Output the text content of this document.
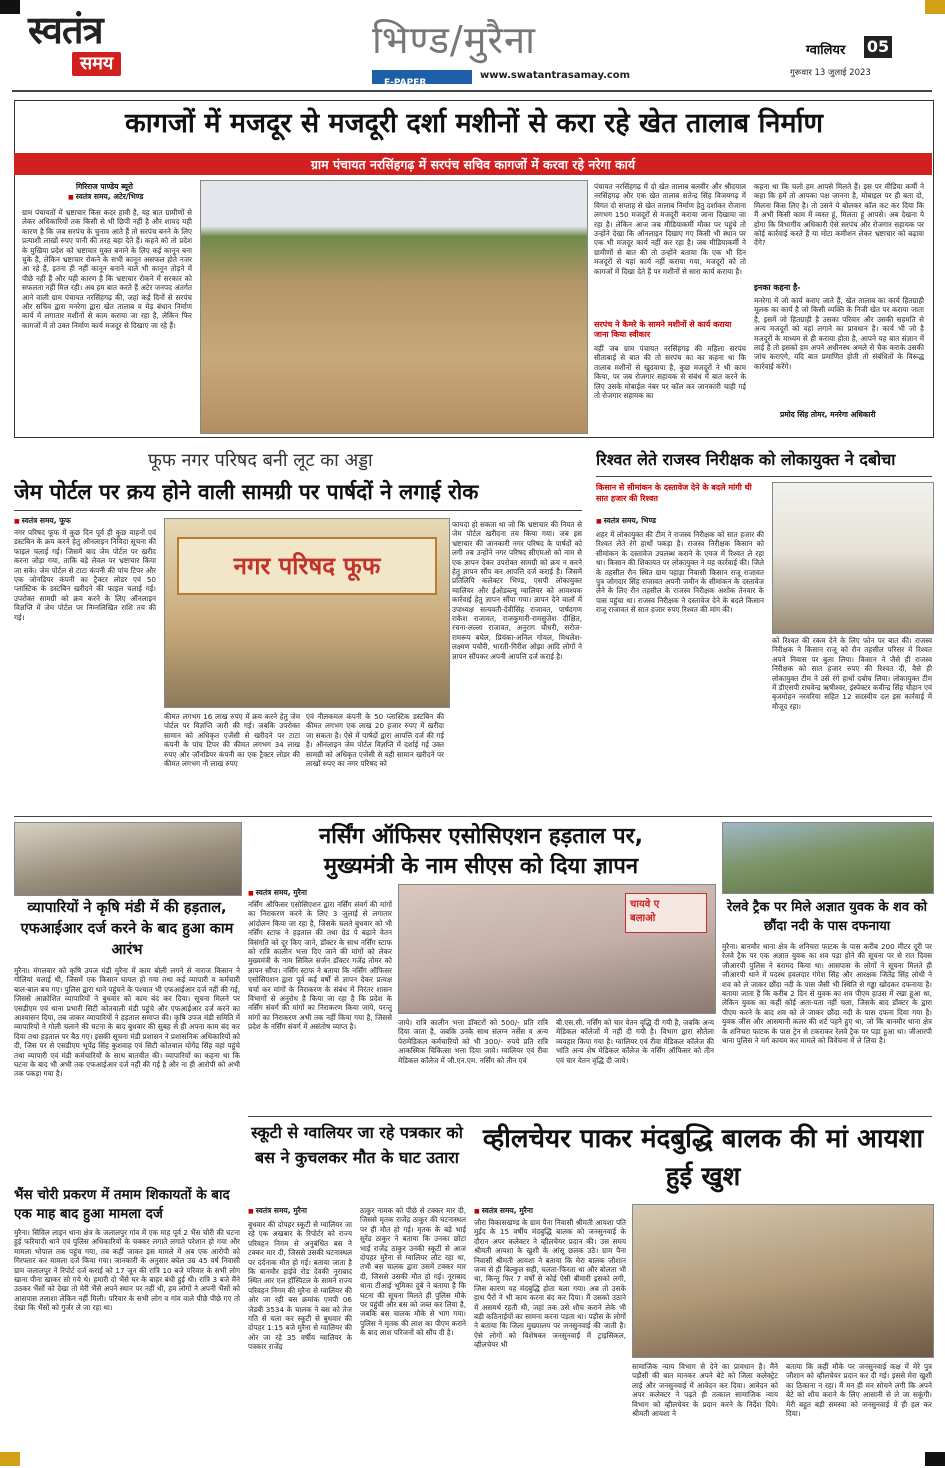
स्वतंत्र
समय
भिण्ड/मुरैना
E-PAPER
www.swatantrasamay.com
ग्वालियर 05
गुरूवार 13 जुलाई 2023
कागजों में मजदूर से मजदूरी दर्शा मशीनों से करा रहे खेत तालाब निर्माण
ग्राम पंचायत नरसिंहगढ़ में सरपंच सचिव कागजों में करवा रहे नरेगा कार्य
गिरिराज पाण्डेय ब्यूरो
■ स्वतंत्र समय, अटेर/भिण्ड
ग्राम पंचायतों में भ्रष्टाचार किस कदर हावी है, यह बात ग्रामीणों से लेकर अधिकारियों तक किसी से भी छिपी नहीं है और शायद यही कारण है कि जब सरपंच के चुनाव आते हैं तो सरपंच बनने के लिए प्रत्याशी लाखों रुपए पानी की तरह बहा देते हैं। कहने को तो प्रदेश के मुखिया प्रदेश को भ्रष्टाचार मुक्त बनाने के लिए कई कानून बना चुके हैं, लेकिन भ्रष्टाचार रोकने के सभी कानून असफल होते नजर आ रहे हैं, इतना ही नहीं कानून बनाने वाले भी कानून तोड़ने में पीछे नहीं हैं और यही कारण है कि भ्रष्टाचार रोकने में सरकार को सफलता नहीं मिल रही। अब हम बात करते हैं अटेर जनपद अंतर्गत आने वाली ग्राम पंचायत नरसिंहगढ़ की, जहां कई दिनों से सरपंच और सचिव द्वारा मनरेगा द्वारा खेत तालाब व मेड़ बंधान निर्माण कार्य में लगातार मशीनों से काम कराया जा रहा है, लेकिन फिर कागजों में तो उक्त निर्माण कार्य मजदूर से दिखाए जा रहे हैं।
पंचायत नरसिंहगढ़ में दो खेत तालाब बलवीर और श्रीदयाल नरसिंहगढ़ और एक खेत तालाब सतेन्द्र सिंह विजयगढ़ में विगत दो सप्ताह से खेत तालाब निर्माण हेतु दर्शाकर रोजाना लगभग 150 मजदूरों से मजदूरी कराया जाना दिखाया जा रहा है। लेकिन आज जब मीडियाकर्मी मौका पर पहुंचे तो उन्होंने देखा कि ऑनलाइन दिखाए गए किसी भी स्थान पर एक भी मजदूर कार्य नहीं कर रहा है। जब मीडियाकर्मी ने ग्रामीणों से बात की तो उन्होंने बताया कि एक भी दिन मजदूरों से यहां कार्य नहीं कराया गया, मजदूरों को तो कागजों में दिखा देते हैं पर मशीनों से सारा कार्य कराया है।
सरपंच ने कैमरे के सामने मशीनों से कार्य कराया जाना किया स्वीकार
वहीं जब ग्राम पंचायत नरसिंहगढ़ की महिला सरपंच सीताबाई से बात की तो सरपंच का का कहना था कि तालाब मशीनों से खुदवाया है, कुछ मजदूरों ने भी काम किया, पर जब रोजगार सहायक से संबंध में बात करने के लिए उसके मोबाईल नंबर पर कॉल कर जानकारी चाही गई तो रोजगार सहायक का
कहना था कि चलो हम आपसे मिलते हैं। इस पर मीडिया कर्मी ने कहा कि हमें तो आपका पक्ष जानना है, मोबाइल पर ही बता दो, मिलना किस लिए है। तो उसने ये बोलकर कॉल कट कर दिया कि मैं अभी किसी काम में व्यस्त हूं, मिलता हूं आपसे। अब देखना ये होगा कि विभागीय अधिकारी ऐसे सरपंच और रोजगार सहायक पर कोई कार्रवाई करते हैं या मोटा कमीशन लेकर भ्रष्टाचार को बढ़ावा देंगे?
इनका कहना है-
मनरेगा में जो कार्य कराए जाते हैं, खेत तालाब का कार्य हितग्राही मूलक का कार्य है जो किसी व्यक्ति के निजी खेत पर कराया जाता है, इसमें जो हितग्राही है उसका परिवार और उसकी सहमति से अन्य मजदूरों को वहां लगाने का प्रावधान है। कार्य भी जो है मजदूरों के माध्यम से ही कराया होता है, आपने यह बात संज्ञान में लाई है तो इसको हम अपने अधीनस्थ अमले से चैक कराके उसकी जांच कराएंगे, यदि बात प्रमाणित होती तो संबंधितों के विरूद्ध कार्रवाई करेंगे।
प्रमोद सिंह तोमर, मनरेगा अधिकारी
फूफ नगर परिषद बनी लूट का अड्डा
जेम पोर्टल पर क्रय होने वाली सामग्री पर पार्षदों ने लगाई रोक
■ स्वतंत्र समय, फूफ
नगर परिषद फूफ में कुछ दिन पूर्व ही कुछ वाहनों एवं डस्टबिन के क्रय करने हेतु ऑनलाइन निविदा सूचना की फाइल चलाई गई। जिसमें बाद जेम पोर्टल पर खरीद करना जोड़ा गया, ताकि बड़े लेवल पर भ्रष्टाचार किया जा सके। जेम पोर्टल से टाटा कंपनी की पांच टिपर और एक जोनडियर कंपनी का ट्रैक्टर लोडर एवं 50 प्लास्टिक के डस्टबिन खरीदने की फाइल चलाई गई। उपरोक्त सामग्री को क्रय करने के लिए ऑनलाइन विज्ञप्ति में जेम पोर्टल पर निम्नलिखित राशि तय की गई।
नगर परिषद फूफ
कीमत लगभग 16 लाख रुपए में क्रय करने हेतु जेम पोर्टल पर विज्ञप्ति जारी की गई। जबकि उपरोक्त सामान को अधिकृत एजेंसी से खरीदने पर टाटा कंपनी के पांच टिपर की कीमत लगभग 34 लाख रुपए और जॉनडियर कंपनी का एक ट्रैक्टर लोडर की कीमत लगभग नौ लाख रुपए
एवं नीलकमल कंपनी के 50 प्लास्टिक डस्टबिन की कीमत लगभग एक लाख 20 हजार रुपए में खरीदा जा सकता है। ऐसे में पार्षदों द्वारा आपत्ति दर्ज की गई है। ऑनलाइन जेम पोर्टल विज्ञप्ति में दर्शाई गई उक्त सामग्री को अधिकृत एजेंसी से यही सामान खरीदने पर लाखों रुपए का नगर परिषद को
फायदा हो सकता था जो कि भ्रष्टाचार की नियत से जेम पोर्टल खरीदना तय किया गया। जब इस भ्रष्टाचार की जानकारी नगर परिषद के पार्षदों को लगी तब उन्होंने नगर परिषद सीएमओ को नाम से एक ज्ञापन देकर उपरोक्त सामग्री को क्रय न करने हेतु ज्ञापन सौंप कर आपत्ति दर्ज कराई है। जिसमें प्रतिलिपि कलेक्टर भिण्ड, एसपी लोकायुक्त ग्वालियर और ईओडब्ल्यू ग्वालियर को आवश्यक कार्रवाई हेतु ज्ञापन सौंपा गया। ज्ञापन देने वालों में उपाध्यक्ष सत्यवती-देवीसिंह राजावत, पार्षदगण राकेश राजावत, राजकुमारी-रामसुजेश दीक्षित, रचना-लल्ला राजावत, अनुराग चौधरी, सरोज-रामरूप बघेल, प्रियंका-अनिल गोयल, मिथलेश-लक्ष्मण पचौरी, भारती-गिरीश ओझा आदि लोगों ने ज्ञापन सौंपकर अपनी आपत्ति दर्ज कराई है।
रिश्वत लेते राजस्व निरीक्षक को लोकायुक्त ने दबोचा
किसान से सीमांकन के दस्तावेज देने के बदले मांगी थी सात हजार की रिश्वत
■ स्वतंत्र समय, भिण्ड
शहर में लोकायुक्त की टीम ने राजस्व निरीक्षक को सात हजार की रिश्वत लेते रंगे हाथों पकड़ा है। राजस्व निरीक्षक किसान को सीमांकन के दस्तावेज उपलब्ध कराने के एवज में रिश्वत ले रहा था। किसान की शिकायत पर लोकायुक्त ने यह कार्रवाई की। जिले के तहसील रौन स्थित ग्राम पहाड़ा निवासी किसान राजू राजावत पुत्र जोगदार सिंह राजावत अपनी जमीन के सीमांकन के दस्तावेज लेने के लिए रौन तहसील के राजस्व निरीक्षक अशोक तेनवार के पास पहुंचा था। राजस्व निरीक्षक ने दस्तावेज देने के बदले किसान राजू राजावत से सात हजार रुपए रिश्वत की मांग की।
को रिश्वत की रकम देने के लिए फोन पर बात की। राजस्व निरीक्षक ने किसान राजू को रौन तहसील परिसर में रिश्वत अपने निवास पर बुला लिया। किसान ने जैसे ही राजस्व निरीक्षक को सात हजार रुपए की रिश्वत दी, वैसे ही लोकायुक्त टीम ने उसे रंगे हाथों दबोच लिया। लोकायुक्त टीम में डीएसपी राघवेन्द्र ऋषीश्वर, इंस्पेक्टर कवीन्द्र सिंह चौहान एवं बृजमोहन नरवरिया सहित 12 सदस्यीय दल इस कार्रवाई में मौजूद रहा।
व्यापारियों ने कृषि मंडी में की हड़ताल, एफआईआर दर्ज करने के बाद हुआ काम आरंभ
मुरैना। मंगलवार को कृषि उपज मंडी मुरैना में काम बोली लगने से नाराज किसान ने गोलियां चलाई थी, जिसमें एक किसान घायल हो गया तथा कई व्यापारी व कर्मचारी बाल-बाल बच गए। पुलिस द्वारा थाने पहुंचने के पश्चात भी एफआईआर दर्ज नहीं की गई, जिससे आक्रोशित व्यापारियों ने बुधवार को काम बंद कर दिया। सूचना मिलने पर एसडीएम एवं थाना प्रभारी सिटी कोतवाली मंडी पहुंचे और एफआईआर दर्ज करने का आश्वासन दिया, तब जाकर व्यापारियों ने हड़ताल समाप्त की। कृषि उपज मंडी समिति में व्यापारियों ने गोली चलाने की घटना के बाद बुधवार की सुबह से ही अपना काम बंद कर दिया तथा हड़ताल पर बैठ गए। इसकी सूचना मंडी प्रशासन ने प्रशासनिक अधिकारियों को दी, जिस पर से एसडीएम भूपेंद्र सिंह कुशवाह एवं सिटी कोतवाल योगेंद्र सिंह वहां पहुंचे तथा व्यापारी एवं मंडी कर्मचारियों के साथ बातचीत की। व्यापारियों का कहना था कि घटना के बाद भी अभी तक एफआईआर दर्ज नहीं की गई है और ना ही आरोपी को अभी तक पकड़ा गया है।
भैंस चोरी प्रकरण में तमाम शिकायतों के बाद एक माह बाद हुआ मामला दर्ज
मुरैना। सिविल लाइन थाना क्षेत्र के जलालपुर गांव में एक माह पूर्व 2 भैंस चोरी की घटना हुई फरियादी थाने एवं पुलिस अधिकारियों के चक्कर लगाते लगाते परेशान हो गया और मामला भोपाल तक पहुंच गया, तब कहीं जाकर इस मामले में अब एक आरोपी को गिरफ्तार कर मामला दर्ज किया गया। जानकारी के अनुसार बघेल उम्र 45 वर्ष निवासी ग्राम जलालपुर ने रिपोर्ट दर्ज कराई को 17 जून की रात्रि 10 बजे परिवार के सभी लोग खाना पीना खाकर सो गये थे। हमारी दो भैंसे घर के बाहर बंधी हुई थी। रात्रि 3 बजे मैंने उठकर भैंसों को देखा तो मेरी भैंसे अपने स्थान पर नहीं थी, हम लोगों ने अपनी भैंसों को आसपास तलाशा लेकिन नहीं मिली। परिवार के सभी लोग व गांव वाले पीछे पीछे गए तो देखा कि भैंसों को गुर्जर ले जा रहा था।
नर्सिंग ऑफिसर एसोसिएशन हड़ताल पर,
मुख्यमंत्री के नाम सीएस को दिया ज्ञापन
■ स्वतंत्र समय, मुरैना
नर्सिंग ऑफिसर एसोसिएशन द्वारा नर्सिंग संवर्ग की मांगों का निराकरण करने के लिए 3 जुलाई से लगातार आंदोलन किया जा रहा है, जिसके चलते बुधवार को भी नर्सिंग स्टाफ ने हड़ताल की तथा ग्रेड पे बढ़ाने वेतन विसंगति को दूर किए जाने, डॉक्टर के साथ नर्सिंग स्टाफ को रात्रि कालीन भत्ता दिए जाने की मांगों को लेकर मुख्यमंत्री के नाम सिविल सर्जन डॉक्टर गजेंद्र तोमर को ज्ञापन सौंपा। नर्सिंग स्टाफ ने बताया कि नर्सिंग ऑफिसर एसोसिएशन द्वारा पूर्व कई वर्षों से ज्ञापन देकर प्रत्यक्ष चर्चा कर मांगों के निराकरण के संबंध में निरंतर शासन विभागों से अनुरोध है किया जा रहा है कि प्रदेश के नर्सिंग संवर्ग की मांगों का निराकरण किया जाये, परन्तु मांगों का निराकरण अभी तक नहीं किया गया है, जिससे प्रदेश के नर्सिंग संवर्ग में असंतोष व्याप्त है।
चायवे ए
बलाओ
जाये। रात्रि कालीन भत्ता डॉक्टरों को 500/- प्रति रात्रि दिया जाता है, जबकि उनके साथ संलग्न नर्सेस व अन्य पेरामेडिकल कर्मचारियों को भी 300/- रुपये प्रति रात्रि आकस्मिक चिकित्सा भत्ता दिया जाये। ग्वालियर एवं रीवा मेडिकल कॉलेज में जी.एन.एम. नर्सिंग को तीन एवं
बी.एस.सी. नर्सिंग को चार वेतन वृद्धि दी गयी है, जबकि अन्य मेडिकल कॉलेजों में नहीं दी गयी है। विभाग द्वारा सौतेला व्यवहार किया गया है। ग्वालियर एवं रीवा मेडिकल कॉलेज की भांति अन्य शेष मेडिकल कॉलेज के नर्सिंग ऑफिसर को तीन एवं चार वेतन वृद्धि दी जाये।
रेलवे ट्रैक पर मिले अज्ञात युवक के शव को छौंदा नदी के पास दफनाया
मुरैना। बानमौर थाना क्षेत्र के शनिचरा फाटक के पास करीब 200 मीटर दूरी पर रेलवे ट्रैक पर एक अज्ञात युवक का शव पड़ा होने की सूचना पर से रात दिवस जीआरपी पुलिस ने बरामद किया था। आसपास के लोगों ने सूचना मिलते ही जीआरपी थाने में पदस्थ हवलदार गंगेश सिंह और आरक्षक जितेंद्र सिंह लोधी ने शव को ले जाकर छौंदा नदी के पास जैसी भी स्थिति से गड्ढा खोदकर दफनाया है। बताया जाता है कि करीब 2 दिन से युवक का शव पीएम हाउस में रखा हुआ था, लेकिन युवक का कहीं कोई अता-पता नहीं चला, जिसके बाद डॉक्टर के द्वारा पीएम करने के बाद शव को ले जाकर छौंदा नदी के पास दफना दिया गया है। युवक जींस और आसमानी कलर की शर्ट पहने हुए था, जो कि बानमौर थाना क्षेत्र के शनिचरा फाटक के पास ट्रेन से टकराकर रेलवे ट्रैक पर पड़ा हुआ था। जीआरपी थाना पुलिस ने मर्ग कायम कर मामले को विवेचना में ले लिया है।
स्कूटी से ग्वालियर जा रहे पत्रकार को बस ने कुचलकर मौत के घाट उतारा
■ स्वतंत्र समय, मुरैना
बुधवार की दोपहर स्कूटी से ग्वालियर जा रहे एक अखबार के रिपोर्टर को राज्य परिवहन निगम से अनुबंधित बस ने टक्कर मार दी, जिससे उसकी घटनास्थल पर दर्दनाक मौत हो गई। बताया जाता है कि बानमौर हाईवे रोड देवकी नूराबाद स्थित आर एल हॉस्पिटल के सामने राज्य परिवहन निगम की मुरैना से ग्वालियर की ओर जा रही बस क्रमांक एमपी 06 जेडबी 3534 के चालक ने बस को तेज गति से चला कर स्कूटी से बुधवार की दोपहर 1:15 बजे मुरैना से ग्वालियर की ओर जा रहे 35 वर्षीय ग्वालियर के पत्रकार राजेंद्र
ठाकुर नामक को पीछे से टक्कर मार दी, जिससे मृतक राजेंद्र ठाकुर की घटनास्थल पर ही मौत हो गई। मृतक के बड़े भाई सुरेंद्र ठाकुर ने बताया कि उनका छोटा भाई राजेंद्र ठाकुर उनकी स्कूटी से आज दोपहर मुरैना से ग्वालियर लौट रहा था, तभी बस चालक द्वारा उसमें टक्कर मार दी, जिससे उसकी मौत हो गई। नूराबाद थाना टीआई भूमिका दुबे ने बताया है कि घटना की सूचना मिलते ही पुलिस मौके पर पहुंची और बस को जब्त कर लिया है, जबकि बस चालक मौके से भाग गया। पुलिस ने मृतक की लाश का पीएम कराने के बाद लाश परिजनों को सौंप दी है।
व्हीलचेयर पाकर मंदबुद्धि बालक की मां आयशा हुई खुश
■ स्वतंत्र समय, मुरैना
जौरा विकासखण्ड के ग्राम पैना निवासी श्रीमती आयशा पति मुईद के 15 वर्षीय मंदबुद्धि बालक को जनसुनवाई के दौरान अपर कलेक्टर ने व्हीलचेयर प्रदान की। उस समय श्रीमती आयशा के खुशी के आंसू छलक उठे। ग्राम पैना निवासी श्रीमती आयशा ने बताया कि मेरा बालक जौशान जन्म से ही बिल्कुल सही, चलता-फिरता था और बोलता भी था, किन्तु फिर 7 वर्षों से कोई ऐसी बीमारी इसको लगी, जिस कारण यह मंदबुद्धि होता चला गया। अब तो उसके हाथ पैरों ने भी काम करना बंद कर दिया। मैं उसको उठाने में असमर्थ रहती थी, जहां तक उसे शौच कराने लेके भी बड़ी कठिनाईयों का सामना करना पड़ता था। पड़ौस के लोगों ने बताया कि जिला मुख्यालय पर जनसुनवाई की जाती है। ऐसे लोगों को विशेषकर जनसुनवाई में ट्राइसिकल, व्हीलचेयर भी
सामाजिक न्याय विभाग से देने का प्रावधान है। मैंने पड़ौसी की बात मानकर अपने बेटे को जिला कलेक्ट्रेट लाई और जनसुनवाई में आवेदन कर दिया। आवेदन को अपर कलेक्टर ने पढ़ते ही तत्काल सामाजिक न्याय विभाग को व्हीलचेयर के प्रदान करने के निर्देश दिये। श्रीमती आयशा ने
बताया कि कहीं मौके पर जनसुनवाई कक्ष में मेरे पुत्र जौशान को व्हीलचेयर प्रदान कर दी गई। इससे मेरा खुशी का ठिकाना न रहा। मैं मन ही मन सोचने लगी कि अपने बेटे को शौच कराने के लिए आसानी से ले जा सकूंगी। मेरी बहुत बड़ी समस्या को जनसुनवाई में ही हल कर दिया।
